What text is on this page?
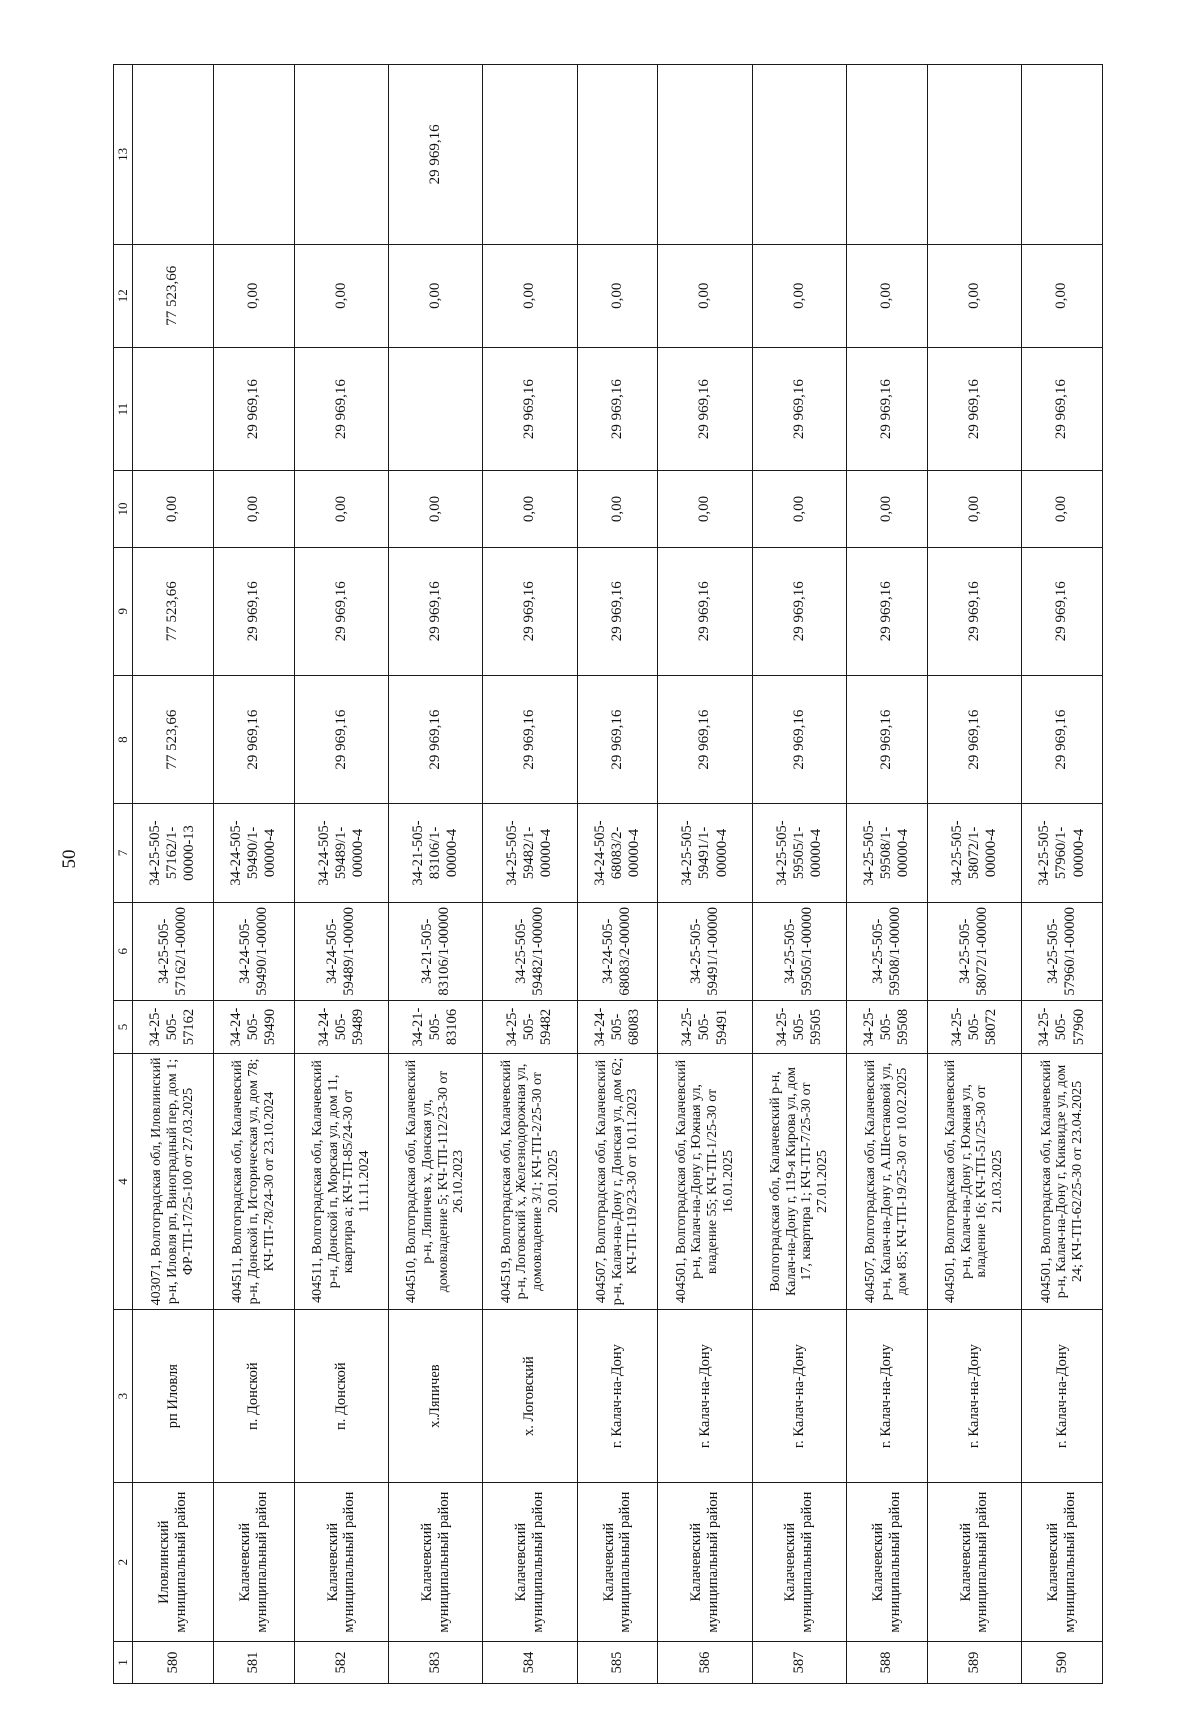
50
1	2	3	4	5	6	7	8	9	10	11	12	13
580	Иловлинский муниципальный район	рп Иловля	403071, Волгоградская обл, Иловлинский р-н, Иловля рп, Виноградный пер, дом 1; ФР-ТП-17/25-100 от 27.03.2025	34-25-505-57162	34-25-505-57162/1-00000	34-25-505-57162/1-00000-13	77 523,66	77 523,66	0,00		77 523,66	
581	Калачевский муниципальный район	п. Донской	404511, Волгоградская обл, Калачевский р-н, Донской п, Историческая ул, дом 78; КЧ-ТП-78/24-30 от 23.10.2024	34-24-505-59490	34-24-505-59490/1-00000	34-24-505-59490/1-00000-4	29 969,16	29 969,16	0,00	29 969,16	0,00	
582	Калачевский муниципальный район	п. Донской	404511, Волгоградская обл, Калачевский р-н, Донской п, Морская ул, дом 11, квартира а; КЧ-ТП-85/24-30 от 11.11.2024	34-24-505-59489	34-24-505-59489/1-00000	34-24-505-59489/1-00000-4	29 969,16	29 969,16	0,00	29 969,16	0,00	
583	Калачевский муниципальный район	х.Ляпичев	404510, Волгоградская обл, Калачевский р-н, Ляпичев х, Донская ул, домовладение 5; КЧ-ТП-112/23-30 от 26.10.2023	34-21-505-83106	34-21-505-83106/1-00000	34-21-505-83106/1-00000-4	29 969,16	29 969,16	0,00		0,00	29 969,16
584	Калачевский муниципальный район	х. Логовский	404519, Волгоградская обл, Калачевский р-н, Логовский х, Железнодорожная ул, домовладение 3/1; КЧ-ТП-2/25-30 от 20.01.2025	34-25-505-59482	34-25-505-59482/1-00000	34-25-505-59482/1-00000-4	29 969,16	29 969,16	0,00	29 969,16	0,00	
585	Калачевский муниципальный район	г. Калач-на-Дону	404507, Волгоградская обл, Калачевский р-н, Калач-на-Дону г, Донская ул, дом 62; КЧ-ТП-119/23-30 от 10.11.2023	34-24-505-68083	34-24-505-68083/2-00000	34-24-505-68083/2-00000-4	29 969,16	29 969,16	0,00	29 969,16	0,00	
586	Калачевский муниципальный район	г. Калач-на-Дону	404501, Волгоградская обл, Калачевский р-н, Калач-на-Дону г, Южная ул, владение 55; КЧ-ТП-1/25-30 от 16.01.2025	34-25-505-59491	34-25-505-59491/1-00000	34-25-505-59491/1-00000-4	29 969,16	29 969,16	0,00	29 969,16	0,00	
587	Калачевский муниципальный район	г. Калач-на-Дону	Волгоградская обл, Калачевский р-н, Калач-на-Дону г, 119-я Кирова ул, дом 17, квартира 1; КЧ-ТП-7/25-30 от 27.01.2025	34-25-505-59505	34-25-505-59505/1-00000	34-25-505-59505/1-00000-4	29 969,16	29 969,16	0,00	29 969,16	0,00	
588	Калачевский муниципальный район	г. Калач-на-Дону	404507, Волгоградская обл, Калачевский р-н, Калач-на-Дону г, А.Шестаковой ул, дом 85; КЧ-ТП-19/25-30 от 10.02.2025	34-25-505-59508	34-25-505-59508/1-00000	34-25-505-59508/1-00000-4	29 969,16	29 969,16	0,00	29 969,16	0,00	
589	Калачевский муниципальный район	г. Калач-на-Дону	404501, Волгоградская обл, Калачевский р-н, Калач-на-Дону г, Южная ул, владение 16; КЧ-ТП-51/25-30 от 21.03.2025	34-25-505-58072	34-25-505-58072/1-00000	34-25-505-58072/1-00000-4	29 969,16	29 969,16	0,00	29 969,16	0,00	
590	Калачевский муниципальный район	г. Калач-на-Дону	404501, Волгоградская обл, Калачевский р-н, Калач-на-Дону г, Киквидзе ул, дом 24; КЧ-ТП-62/25-30 от 23.04.2025	34-25-505-57960	34-25-505-57960/1-00000	34-25-505-57960/1-00000-4	29 969,16	29 969,16	0,00	29 969,16	0,00	
